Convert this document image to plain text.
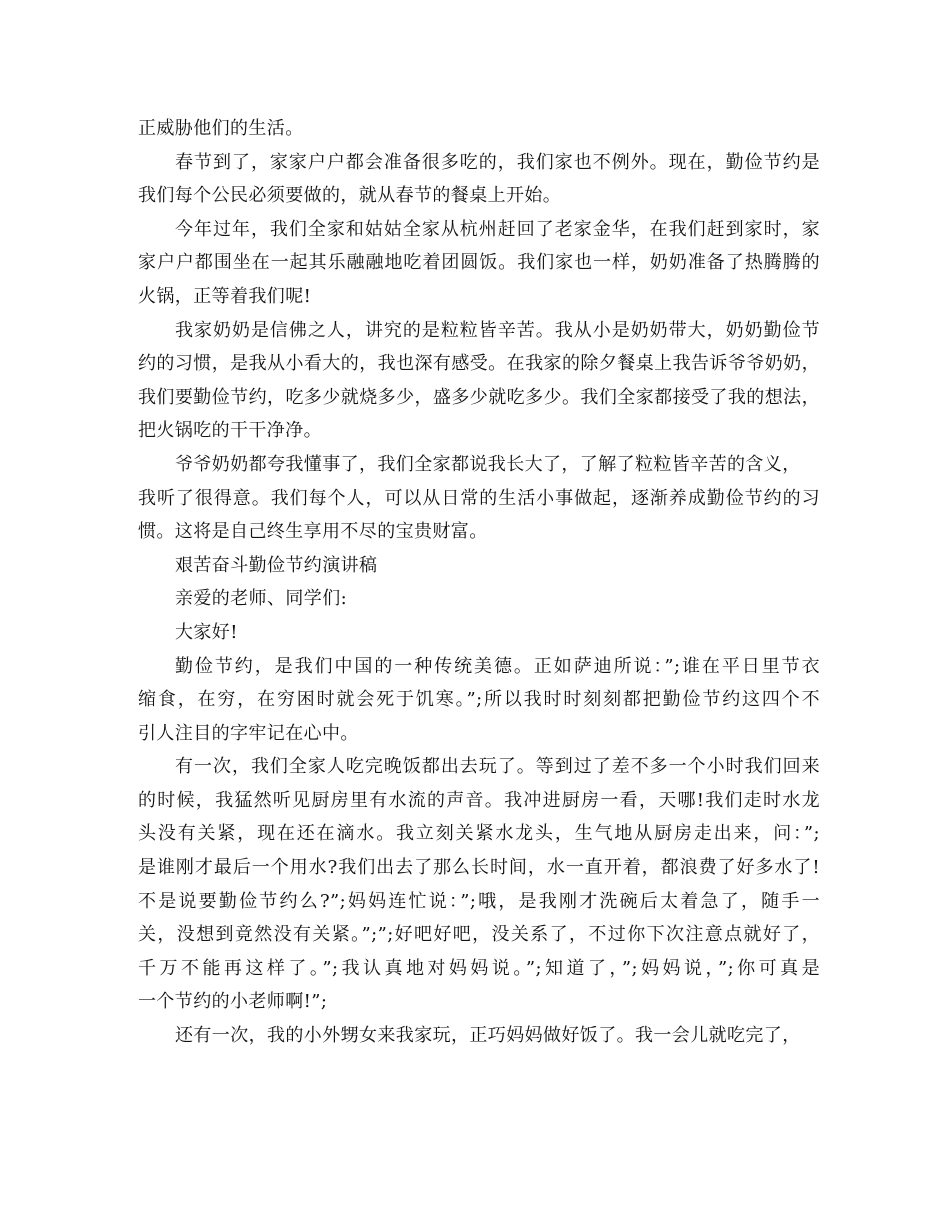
正威胁他们的生活。
春节到了，家家户户都会准备很多吃的，我们家也不例外。现在，勤俭节约是
我们每个公民必须要做的，就从春节的餐桌上开始。
今年过年，我们全家和姑姑全家从杭州赶回了老家金华，在我们赶到家时，家
家户户都围坐在一起其乐融融地吃着团圆饭。我们家也一样，奶奶准备了热腾腾的
火锅，正等着我们呢!
我家奶奶是信佛之人，讲究的是粒粒皆辛苦。我从小是奶奶带大，奶奶勤俭节
约的习惯，是我从小看大的，我也深有感受。在我家的除夕餐桌上我告诉爷爷奶奶，
我们要勤俭节约，吃多少就烧多少，盛多少就吃多少。我们全家都接受了我的想法，
把火锅吃的干干净净。
爷爷奶奶都夸我懂事了，我们全家都说我长大了，了解了粒粒皆辛苦的含义，
我听了很得意。我们每个人，可以从日常的生活小事做起，逐渐养成勤俭节约的习
惯。这将是自己终生享用不尽的宝贵财富。
艰苦奋斗勤俭节约演讲稿
亲爱的老师、同学们:
大家好!
勤俭节约，是我们中国的一种传统美德。正如萨迪所说：”;谁在平日里节衣
缩食，在穷，在穷困时就会死于饥寒。”;所以我时时刻刻都把勤俭节约这四个不
引人注目的字牢记在心中。
有一次，我们全家人吃完晚饭都出去玩了。等到过了差不多一个小时我们回来
的时候，我猛然听见厨房里有水流的声音。我冲进厨房一看，天哪!我们走时水龙
头没有关紧，现在还在滴水。我立刻关紧水龙头，生气地从厨房走出来，问：”;
是谁刚才最后一个用水?我们出去了那么长时间，水一直开着，都浪费了好多水了!
不是说要勤俭节约么?”;妈妈连忙说：”;哦，是我刚才洗碗后太着急了，随手一
关，没想到竟然没有关紧。”;”;好吧好吧，没关系了，不过你下次注意点就好了，
千万不能再这样了。”;我认真地对妈妈说。”;知道了，”;妈妈说，”;你可真是
一个节约的小老师啊!”;
还有一次，我的小外甥女来我家玩，正巧妈妈做好饭了。我一会儿就吃完了，
